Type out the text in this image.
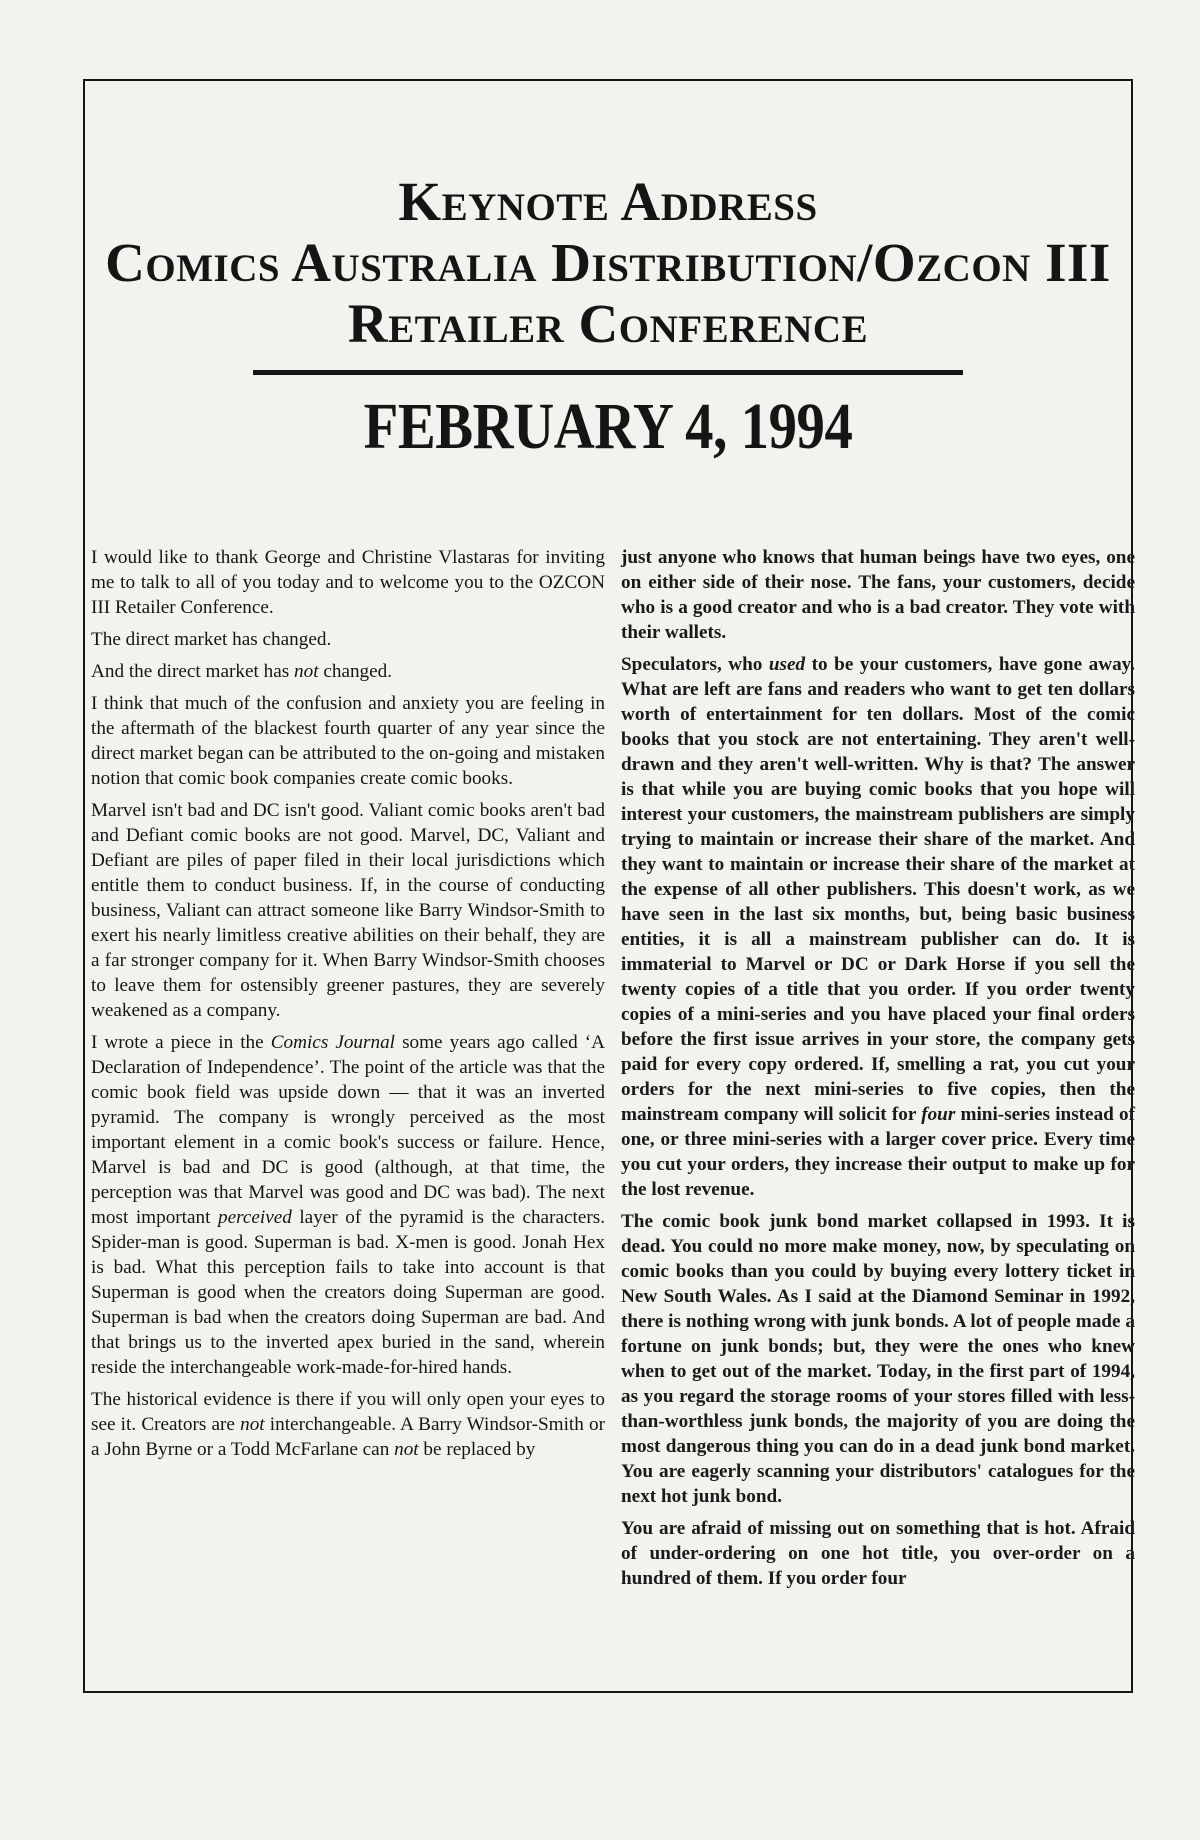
Keynote Address
Comics Australia Distribution/Ozcon III
Retailer Conference
FEBRUARY 4, 1994

I would like to thank George and Christine Vlastaras for inviting me to talk to all of you today and to welcome you to the OZCON III Retailer Conference.

The direct market has changed.

And the direct market has not changed.

I think that much of the confusion and anxiety you are feeling in the aftermath of the blackest fourth quarter of any year since the direct market began can be attributed to the on-going and mistaken notion that comic book companies create comic books.

Marvel isn't bad and DC isn't good. Valiant comic books aren't bad and Defiant comic books are not good. Marvel, DC, Valiant and Defiant are piles of paper filed in their local jurisdictions which entitle them to conduct business. If, in the course of conducting business, Valiant can attract someone like Barry Windsor-Smith to exert his nearly limitless creative abilities on their behalf, they are a far stronger company for it. When Barry Windsor-Smith chooses to leave them for ostensibly greener pastures, they are severely weakened as a company.

I wrote a piece in the Comics Journal some years ago called ‘A Declaration of Independence’. The point of the article was that the comic book field was upside down — that it was an inverted pyramid. The company is wrongly perceived as the most important element in a comic book's success or failure. Hence, Marvel is bad and DC is good (although, at that time, the perception was that Marvel was good and DC was bad). The next most important perceived layer of the pyramid is the characters. Spider-man is good. Superman is bad. X-men is good. Jonah Hex is bad. What this perception fails to take into account is that Superman is good when the creators doing Superman are good. Superman is bad when the creators doing Superman are bad. And that brings us to the inverted apex buried in the sand, wherein reside the interchangeable work-made-for-hired hands.

The historical evidence is there if you will only open your eyes to see it. Creators are not interchangeable. A Barry Windsor-Smith or a John Byrne or a Todd McFarlane can not be replaced by

just anyone who knows that human beings have two eyes, one on either side of their nose. The fans, your customers, decide who is a good creator and who is a bad creator. They vote with their wallets.

Speculators, who used to be your customers, have gone away. What are left are fans and readers who want to get ten dollars worth of entertainment for ten dollars. Most of the comic books that you stock are not entertaining. They aren't well-drawn and they aren't well-written. Why is that? The answer is that while you are buying comic books that you hope will interest your customers, the mainstream publishers are simply trying to maintain or increase their share of the market. And they want to maintain or increase their share of the market at the expense of all other publishers. This doesn't work, as we have seen in the last six months, but, being basic business entities, it is all a mainstream publisher can do. It is immaterial to Marvel or DC or Dark Horse if you sell the twenty copies of a title that you order. If you order twenty copies of a mini-series and you have placed your final orders before the first issue arrives in your store, the company gets paid for every copy ordered. If, smelling a rat, you cut your orders for the next mini-series to five copies, then the mainstream company will solicit for four mini-series instead of one, or three mini-series with a larger cover price. Every time you cut your orders, they increase their output to make up for the lost revenue.

The comic book junk bond market collapsed in 1993. It is dead. You could no more make money, now, by speculating on comic books than you could by buying every lottery ticket in New South Wales. As I said at the Diamond Seminar in 1992, there is nothing wrong with junk bonds. A lot of people made a fortune on junk bonds; but, they were the ones who knew when to get out of the market. Today, in the first part of 1994, as you regard the storage rooms of your stores filled with less-than-worthless junk bonds, the majority of you are doing the most dangerous thing you can do in a dead junk bond market. You are eagerly scanning your distributors' catalogues for the next hot junk bond.

You are afraid of missing out on something that is hot. Afraid of under-ordering on one hot title, you over-order on a hundred of them. If you order four
